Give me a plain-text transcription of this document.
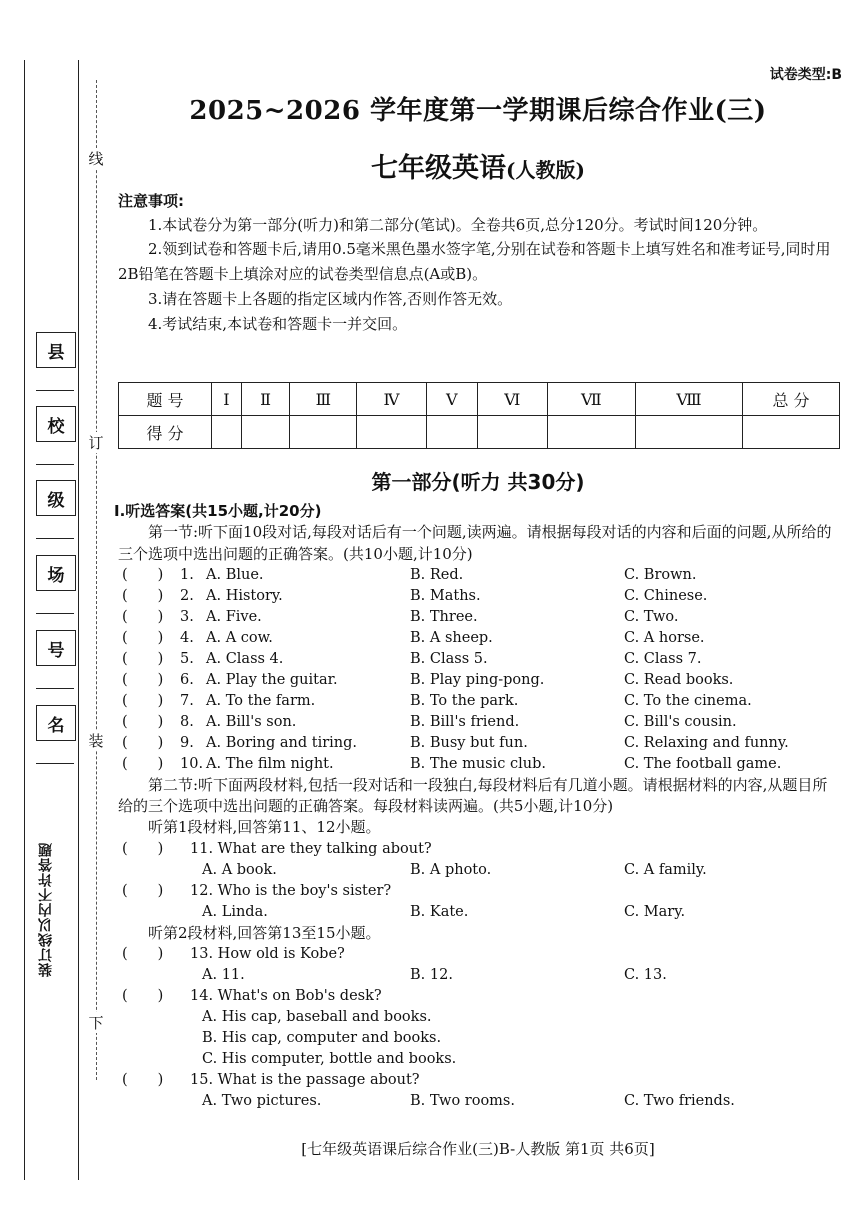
线
订
装
下
县
校
级
场
号
名
装订线以内不许答题
试卷类型:B
2025~2026 学年度第一学期课后综合作业(三)
七年级英语(人教版)
注意事项:

1.本试卷分为第一部分(听力)和第二部分(笔试)。全卷共6页,总分120分。考试时间120分钟。

2.领到试卷和答题卡后,请用0.5毫米黑色墨水签字笔,分别在试卷和答题卡上填写姓名和准考证号,同时用2B铅笔在答题卡上填涂对应的试卷类型信息点(A或B)。

3.请在答题卡上各题的指定区域内作答,否则作答无效。

4.考试结束,本试卷和答题卡一并交回。

题 号	Ⅰ	Ⅱ	Ⅲ	Ⅳ	Ⅴ	Ⅵ	Ⅶ	Ⅷ	总 分
得 分									
第一部分(听力 共30分)
Ⅰ.听选答案(共15小题,计20分)

第一节:听下面10段对话,每段对话后有一个问题,读两遍。请根据每段对话的内容和后面的问题,从所给的三个选项中选出问题的正确答案。(共10小题,计10分)

( ) 1. A. Blue.	B. Red.	C. Brown.
( ) 2. A. History.	B. Maths.	C. Chinese.
( ) 3. A. Five.	B. Three.	C. Two.
( ) 4. A. A cow.	B. A sheep.	C. A horse.
( ) 5. A. Class 4.	B. Class 5.	C. Class 7.
( ) 6. A. Play the guitar.	B. Play ping-pong.	C. Read books.
( ) 7. A. To the farm.	B. To the park.	C. To the cinema.
( ) 8. A. Bill's son.	B. Bill's friend.	C. Bill's cousin.
( ) 9. A. Boring and tiring.	B. Busy but fun.	C. Relaxing and funny.
( ) 10. A. The film night.	B. The music club.	C. The football game.

第二节:听下面两段材料,包括一段对话和一段独白,每段材料后有几道小题。请根据材料的内容,从题目所给的三个选项中选出问题的正确答案。每段材料读两遍。(共5小题,计10分)

听第1段材料,回答第11、12小题。

( ) 11. What are they talking about?
A. A book.	B. A photo.	C. A family.
( ) 12. Who is the boy's sister?
A. Linda.	B. Kate.	C. Mary.

听第2段材料,回答第13至15小题。

( ) 13. How old is Kobe?
A. 11.	B. 12.	C. 13.
( ) 14. What's on Bob's desk?
A. His cap, baseball and books.
B. His cap, computer and books.
C. His computer, bottle and books.
( ) 15. What is the passage about?
A. Two pictures.	B. Two rooms.	C. Two friends.
[七年级英语课后综合作业(三)B-人教版 第1页 共6页]
